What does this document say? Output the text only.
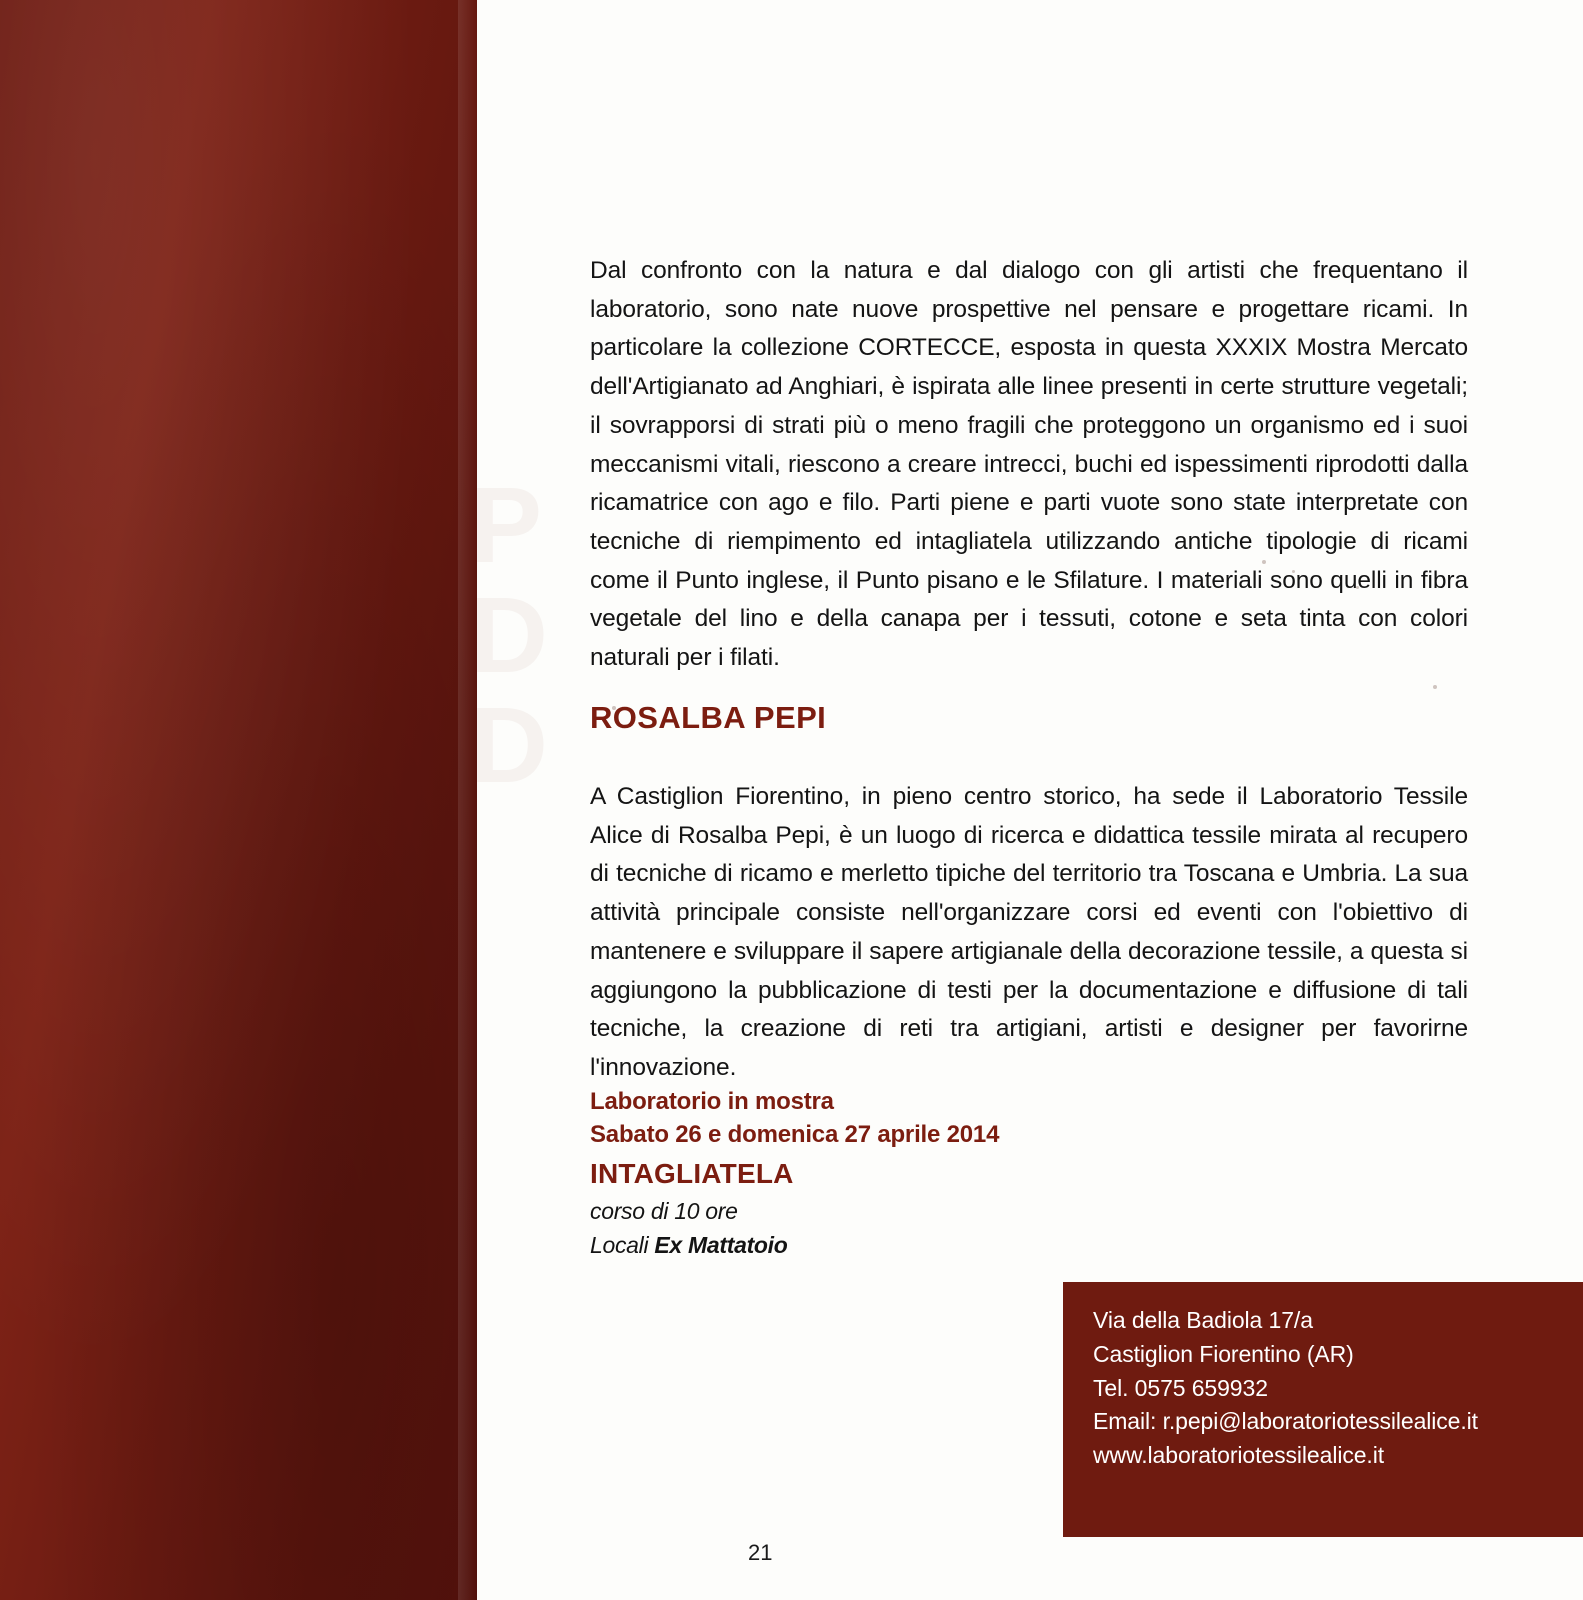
P
D
D
Dal confronto con la natura e dal dialogo con gli artisti che frequentano il laboratorio, sono nate nuove prospettive nel pensare e progettare ricami. In particolare la collezione CORTECCE, esposta in questa XXXIX Mostra Mercato dell'Artigianato ad Anghiari, è ispirata alle linee presenti in certe strutture vegetali; il sovrapporsi di strati più o meno fragili che proteggono un organismo ed i suoi meccanismi vitali, riescono a creare intrecci, buchi ed ispessimenti riprodotti dalla ricamatrice con ago e filo. Parti piene e parti vuote sono state interpretate con tecniche di riempimento ed intagliatela utilizzando antiche tipologie di ricami come il Punto inglese, il Punto pisano e le Sfilature. I materiali sono quelli in fibra vegetale del lino e della canapa per i tessuti, cotone e seta tinta con colori naturali per i filati.
ROSALBA PEPI
A Castiglion Fiorentino, in pieno centro storico, ha sede il Laboratorio Tessile Alice di Rosalba Pepi, è un luogo di ricerca e didattica tessile mirata al recupero di tecniche di ricamo e merletto tipiche del territorio tra Toscana e Umbria. La sua attività principale consiste nell'organizzare corsi ed eventi con l'obiettivo di mantenere e sviluppare il sapere artigianale della decorazione tessile, a questa si aggiungono la pubblicazione di testi per la documentazione e diffusione di tali tecniche, la creazione di reti tra artigiani, artisti e designer per favorirne l'innovazione.
Laboratorio in mostra
Sabato 26 e domenica 27 aprile 2014
INTAGLIATELA
corso di 10 ore
Locali Ex Mattatoio
Via della Badiola 17/a
Castiglion Fiorentino (AR)
Tel. 0575 659932
Email: r.pepi@laboratoriotessilealice.it
www.laboratoriotessilealice.it
21
